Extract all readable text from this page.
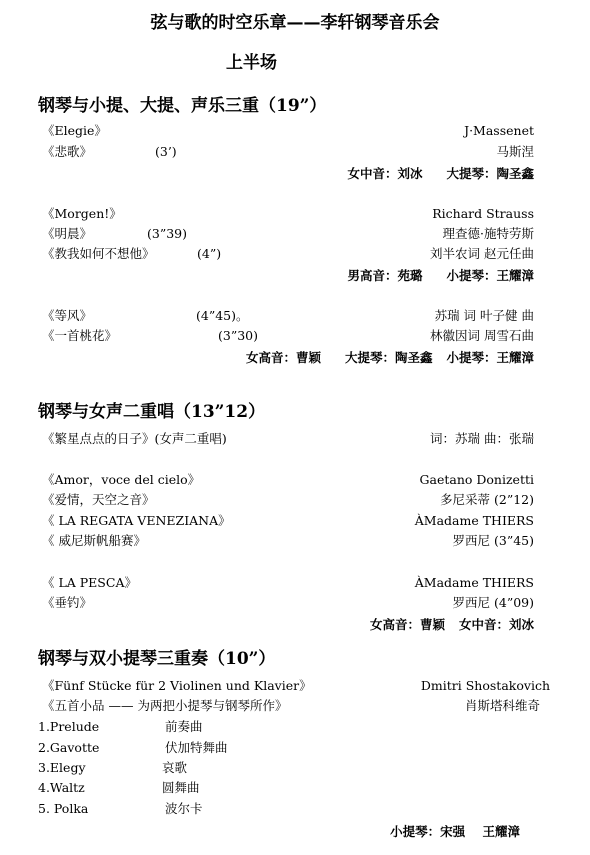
弦与歌的时空乐章——李轩钢琴音乐会
上半场
钢琴与小提、大提、声乐三重（19”）
《Elegie》	J·Massenet
《悲歌》	(3’)	马斯涅
女中音：刘冰 大提琴：陶圣鑫
《Morgen!》	Richard Strauss
《明晨》	(3”39)	理查德·施特劳斯
《教我如何不想他》	(4”)	刘半农词 赵元任曲
男高音：苑璐 小提琴：王耀漳
《等风》	(4”45)。	苏瑞 词 叶子健 曲
《一首桃花》	(3”30)	林徽因词 周雪石曲
女高音：曹颖 大提琴：陶圣鑫 小提琴：王耀漳
钢琴与女声二重唱（13”12）
《繁星点点的日子》(女声二重唱)	词：苏瑞 曲：张瑞
《Amor，voce del cielo》	Gaetano Donizetti
《爱情，天空之音》	多尼采蒂 (2”12)
《 LA REGATA VENEZIANA》	ÀMadame THIERS
《 威尼斯帆船赛》	罗西尼 (3”45)
《 LA PESCA》	ÀMadame THIERS
《垂钓》	罗西尼 (4”09)
女高音：曹颖 女中音：刘冰
钢琴与双小提琴三重奏（10”）
《Fünf Stücke für 2 Violinen und Klavier》	Dmitri Shostakovich
《五首小品 —— 为两把小提琴与钢琴所作》	肖斯塔科维奇
1.Prelude	前奏曲
2.Gavotte	伏加特舞曲
3.Elegy	哀歌
4.Waltz	圆舞曲
5. Polka	波尔卡
小提琴：宋强    王耀漳
